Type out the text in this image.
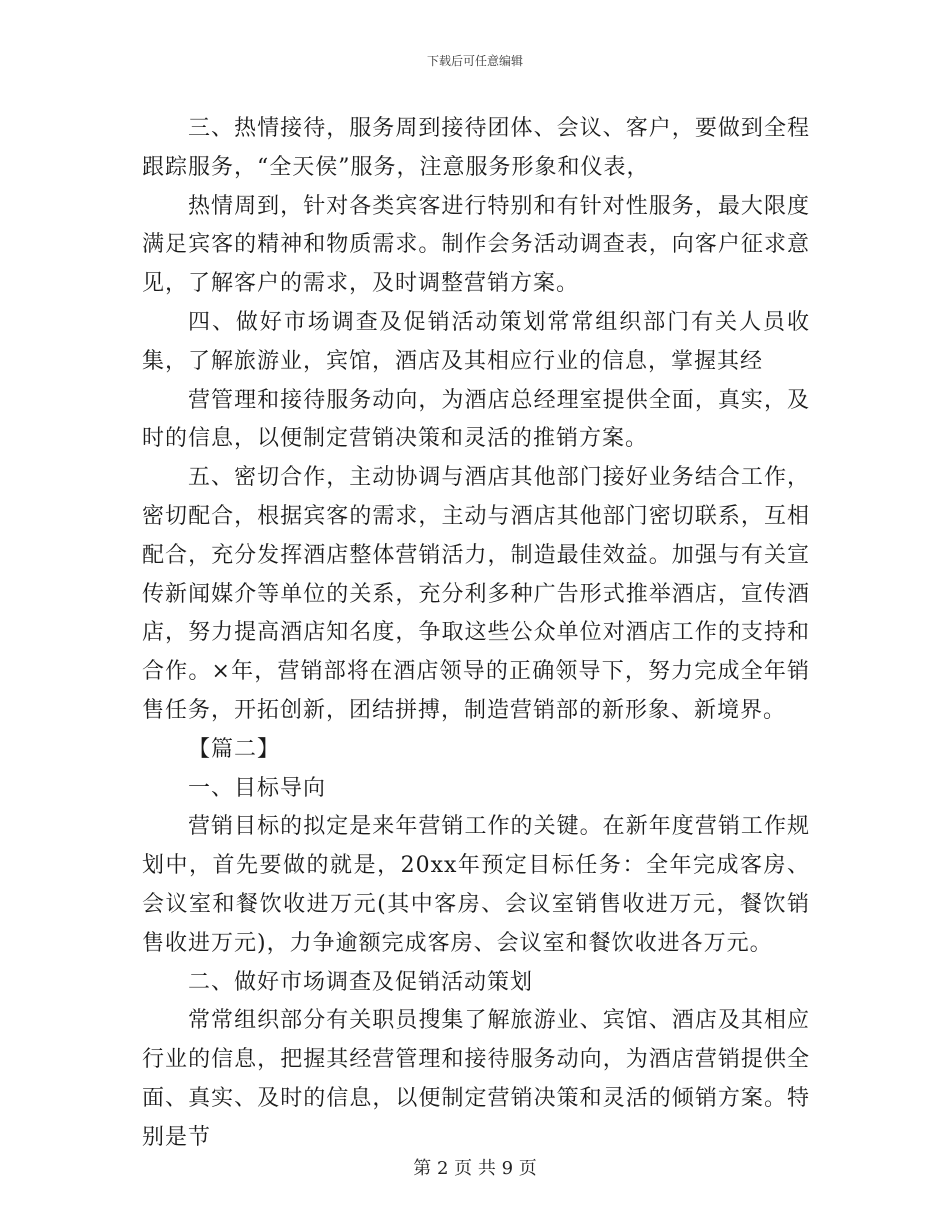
下载后可任意编辑

三、热情接待，服务周到接待团体、会议、客户，要做到全程跟踪服务，“全天侯”服务，注意服务形象和仪表，

热情周到，针对各类宾客进行特别和有针对性服务，最大限度满足宾客的精神和物质需求。制作会务活动调查表，向客户征求意见，了解客户的需求，及时调整营销方案。

四、做好市场调查及促销活动策划常常组织部门有关人员收集，了解旅游业，宾馆，酒店及其相应行业的信息，掌握其经

营管理和接待服务动向，为酒店总经理室提供全面，真实，及时的信息，以便制定营销决策和灵活的推销方案。

五、密切合作，主动协调与酒店其他部门接好业务结合工作，密切配合，根据宾客的需求，主动与酒店其他部门密切联系，互相配合，充分发挥酒店整体营销活力，制造最佳效益。加强与有关宣传新闻媒介等单位的关系，充分利多种广告形式推举酒店，宣传酒店，努力提高酒店知名度，争取这些公众单位对酒店工作的支持和合作。×年，营销部将在酒店领导的正确领导下，努力完成全年销售任务，开拓创新，团结拼搏，制造营销部的新形象、新境界。

【篇二】

一、目标导向

营销目标的拟定是来年营销工作的关键。在新年度营销工作规划中，首先要做的就是，20xx年预定目标任务：全年完成客房、会议室和餐饮收进万元(其中客房、会议室销售收进万元，餐饮销售收进万元)，力争逾额完成客房、会议室和餐饮收进各万元。

二、做好市场调查及促销活动策划

常常组织部分有关职员搜集了解旅游业、宾馆、酒店及其相应行业的信息，把握其经营管理和接待服务动向，为酒店营销提供全面、真实、及时的信息，以便制定营销决策和灵活的倾销方案。特别是节

第 2 页 共 9 页
